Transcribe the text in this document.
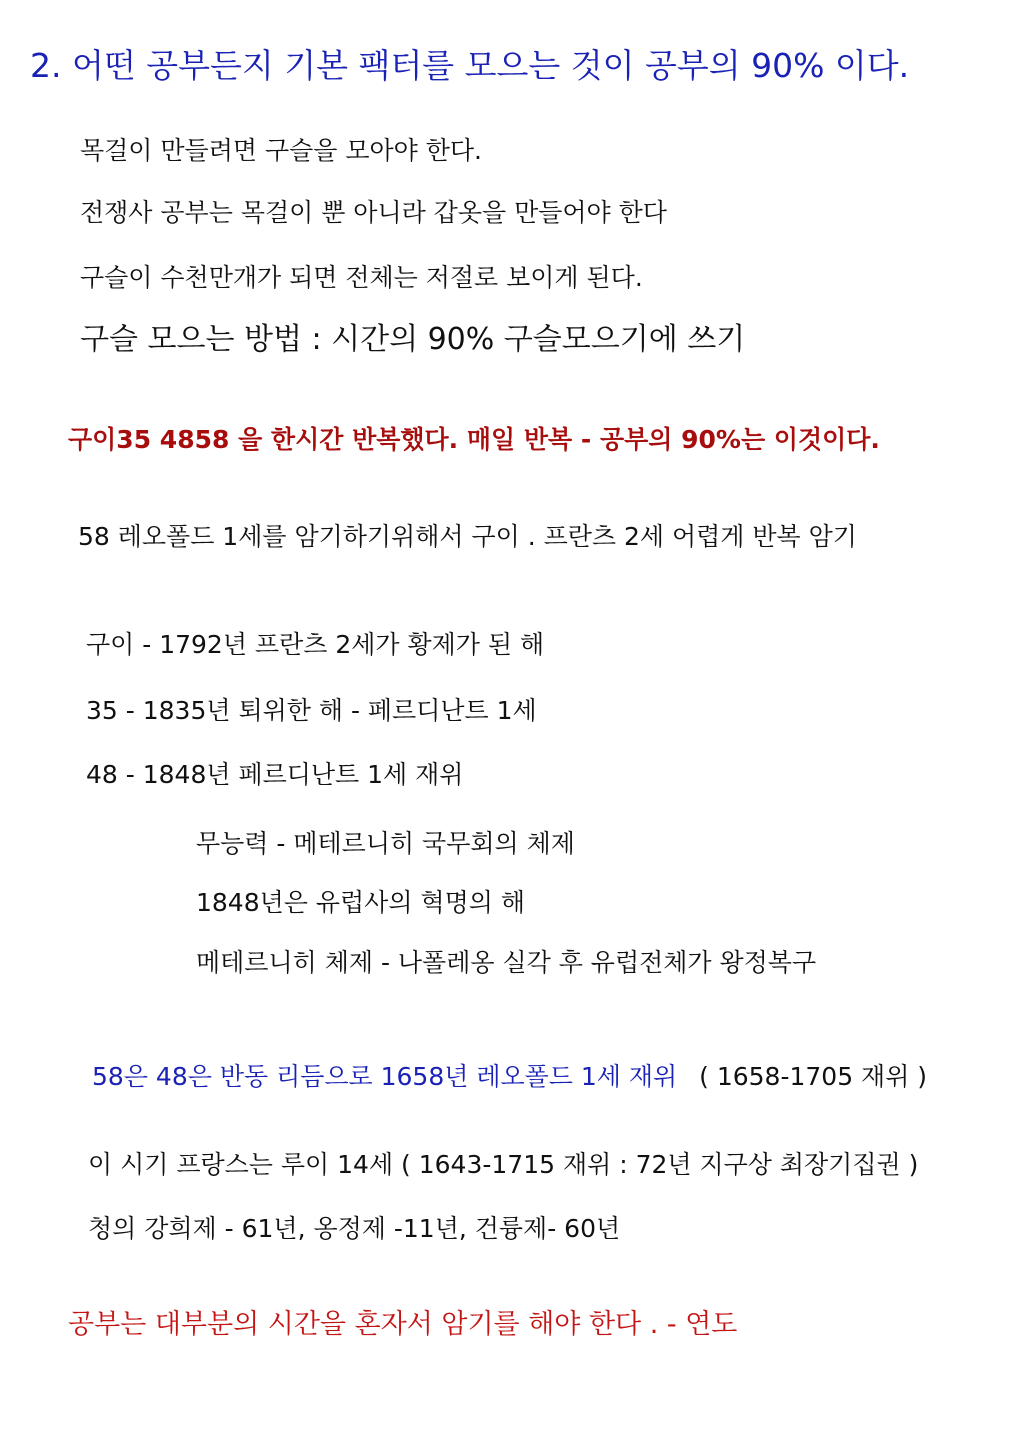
2. 어떤 공부든지 기본 팩터를 모으는 것이 공부의 90% 이다.
목걸이 만들려면 구슬을 모아야 한다.
전쟁사 공부는 목걸이 뿐 아니라 갑옷을 만들어야 한다
구슬이 수천만개가 되면 전체는 저절로 보이게 된다.
구슬 모으는 방법 : 시간의 90% 구슬모으기에 쓰기
구이35 4858 을 한시간 반복했다. 매일 반복 - 공부의 90%는 이것이다.
58 레오폴드 1세를 암기하기위해서 구이 . 프란츠 2세 어렵게 반복 암기
구이 - 1792년 프란츠 2세가 황제가 된 해
35 - 1835년 퇴위한 해 - 페르디난트 1세
48 - 1848년 페르디난트 1세 재위
무능력 - 메테르니히 국무회의 체제
1848년은 유럽사의 혁명의 해
메테르니히 체제 - 나폴레옹 실각 후 유럽전체가 왕정복구
58은 48은 반동 리듬으로 1658년 레오폴드 1세 재위 ( 1658-1705 재위 )
이 시기 프랑스는 루이 14세 ( 1643-1715 재위 : 72년 지구상 최장기집권 )
청의 강희제 - 61년, 옹정제 -11년, 건륭제- 60년
공부는 대부분의 시간을 혼자서 암기를 해야 한다 . - 연도
